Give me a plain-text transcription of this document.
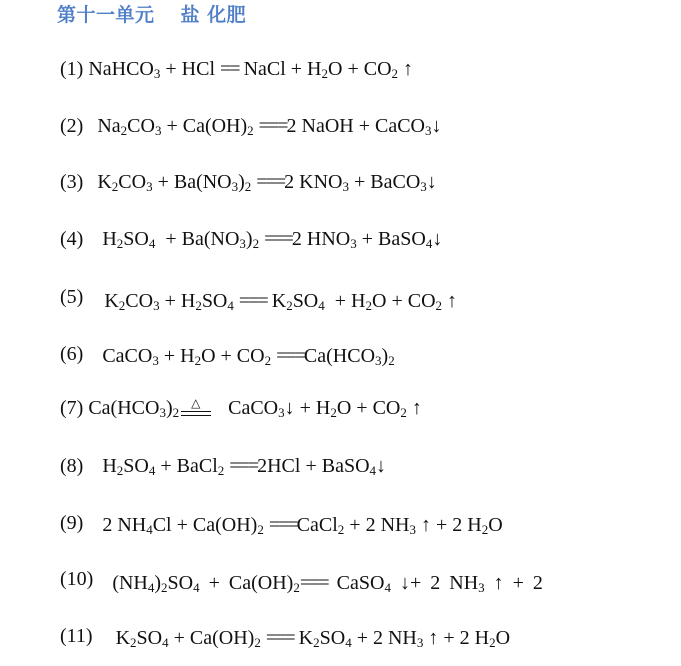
第十一单元 盐 化肥
(1) NaHCO$_3$ + HCl == NaCl + $H_2O + CO_2$ ↑
(2) $Na_2CO_3 + Ca(OH)_2 ===2$ NaOH + CaCO$_3$↓
(3) $K_2CO_3 + Ba(NO_3)_2 ===2$ $KNO_3$ + BaCO$_3$↓
(4) $H_2SO_4 + Ba(NO_3)_2 ===2$ $HNO_3$ + BaSO$_4$↓
(5) $K_2CO_3 + H_2SO_4$ === $K_2SO_4 + H_2O + CO_2$ ↑
(6) CaCO$_3$ + $H_2O + CO_2 ===Ca(HCO_3)_2$
(7) $Ca(HCO_3)_2$
△ CaCO$_3$↓ + $H_2O + CO_2$ ↑
(8) $H_2SO_4$ + BaCl$_2$ ===2HCl + BaSO$_4$↓
(9) 2 $NH_4Cl + Ca(OH)_2$ ===CaCl$_2$ + 2 $NH_3$ ↑ + 2 $H_2O$
(10) $(NH_4)_2SO_4 + Ca(OH)_2===$ CaSO$_4$ ↓+ 2 $NH_3$ ↑ + 2
(11) $K_2SO_4 + Ca(OH)_2$ === $K_2SO_4 + 2$ $NH_3$ ↑ + 2 $H_2O$
